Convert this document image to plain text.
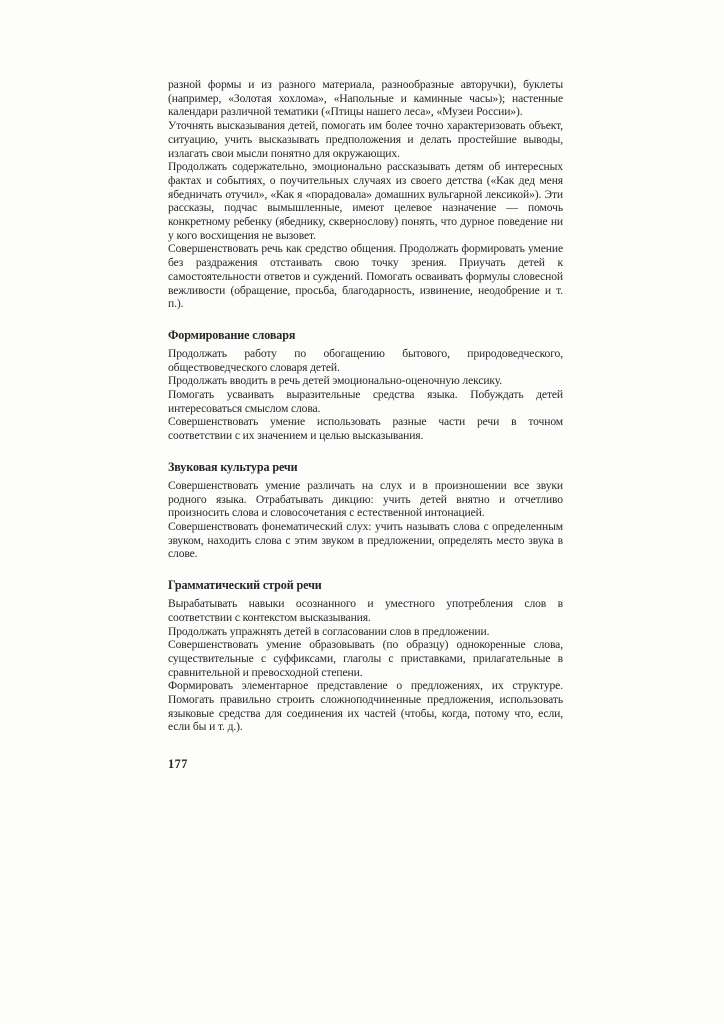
разной формы и из разного материала, разнообразные авторучки), буклеты (например, «Золотая хохлома», «Напольные и каминные часы»); настенные календари различной тематики («Птицы нашего леса», «Музеи России»).

Уточнять высказывания детей, помогать им более точно характеризовать объект, ситуацию, учить высказывать предположения и делать простейшие выводы, излагать свои мысли понятно для окружающих.

Продолжать содержательно, эмоционально рассказывать детям об интересных фактах и событиях, о поучительных случаях из своего детства («Как дед меня ябедничать отучил», «Как я «порадовала» домашних вульгарной лексикой»). Эти рассказы, подчас вымышленные, имеют целевое назначение — помочь конкретному ребенку (ябеднику, сквернослову) понять, что дурное поведение ни у кого восхищения не вызовет.

Совершенствовать речь как средство общения. Продолжать формировать умение без раздражения отстаивать свою точку зрения. Приучать детей к самостоятельности ответов и суждений. Помогать осваивать формулы словесной вежливости (обращение, просьба, благодарность, извинение, неодобрение и т. п.).

Формирование словаря

Продолжать работу по обогащению бытового, природоведческого, обществоведческого словаря детей.

Продолжать вводить в речь детей эмоционально-оценочную лексику.

Помогать усваивать выразительные средства языка. Побуждать детей интересоваться смыслом слова.

Совершенствовать умение использовать разные части речи в точном соответствии с их значением и целью высказывания.

Звуковая культура речи

Совершенствовать умение различать на слух и в произношении все звуки родного языка. Отрабатывать дикцию: учить детей внятно и отчетливо произносить слова и словосочетания с естественной интонацией.

Совершенствовать фонематический слух: учить называть слова с определенным звуком, находить слова с этим звуком в предложении, определять место звука в слове.

Грамматический строй речи

Вырабатывать навыки осознанного и уместного употребления слов в соответствии с контекстом высказывания.

Продолжать упражнять детей в согласовании слов в предложении.

Совершенствовать умение образовывать (по образцу) однокоренные слова, существительные с суффиксами, глаголы с приставками, прилагательные в сравнительной и превосходной степени.

Формировать элементарное представление о предложениях, их структуре. Помогать правильно строить сложноподчиненные предложения, использовать языковые средства для соединения их частей (чтобы, когда, потому что, если, если бы и т. д.).

177
